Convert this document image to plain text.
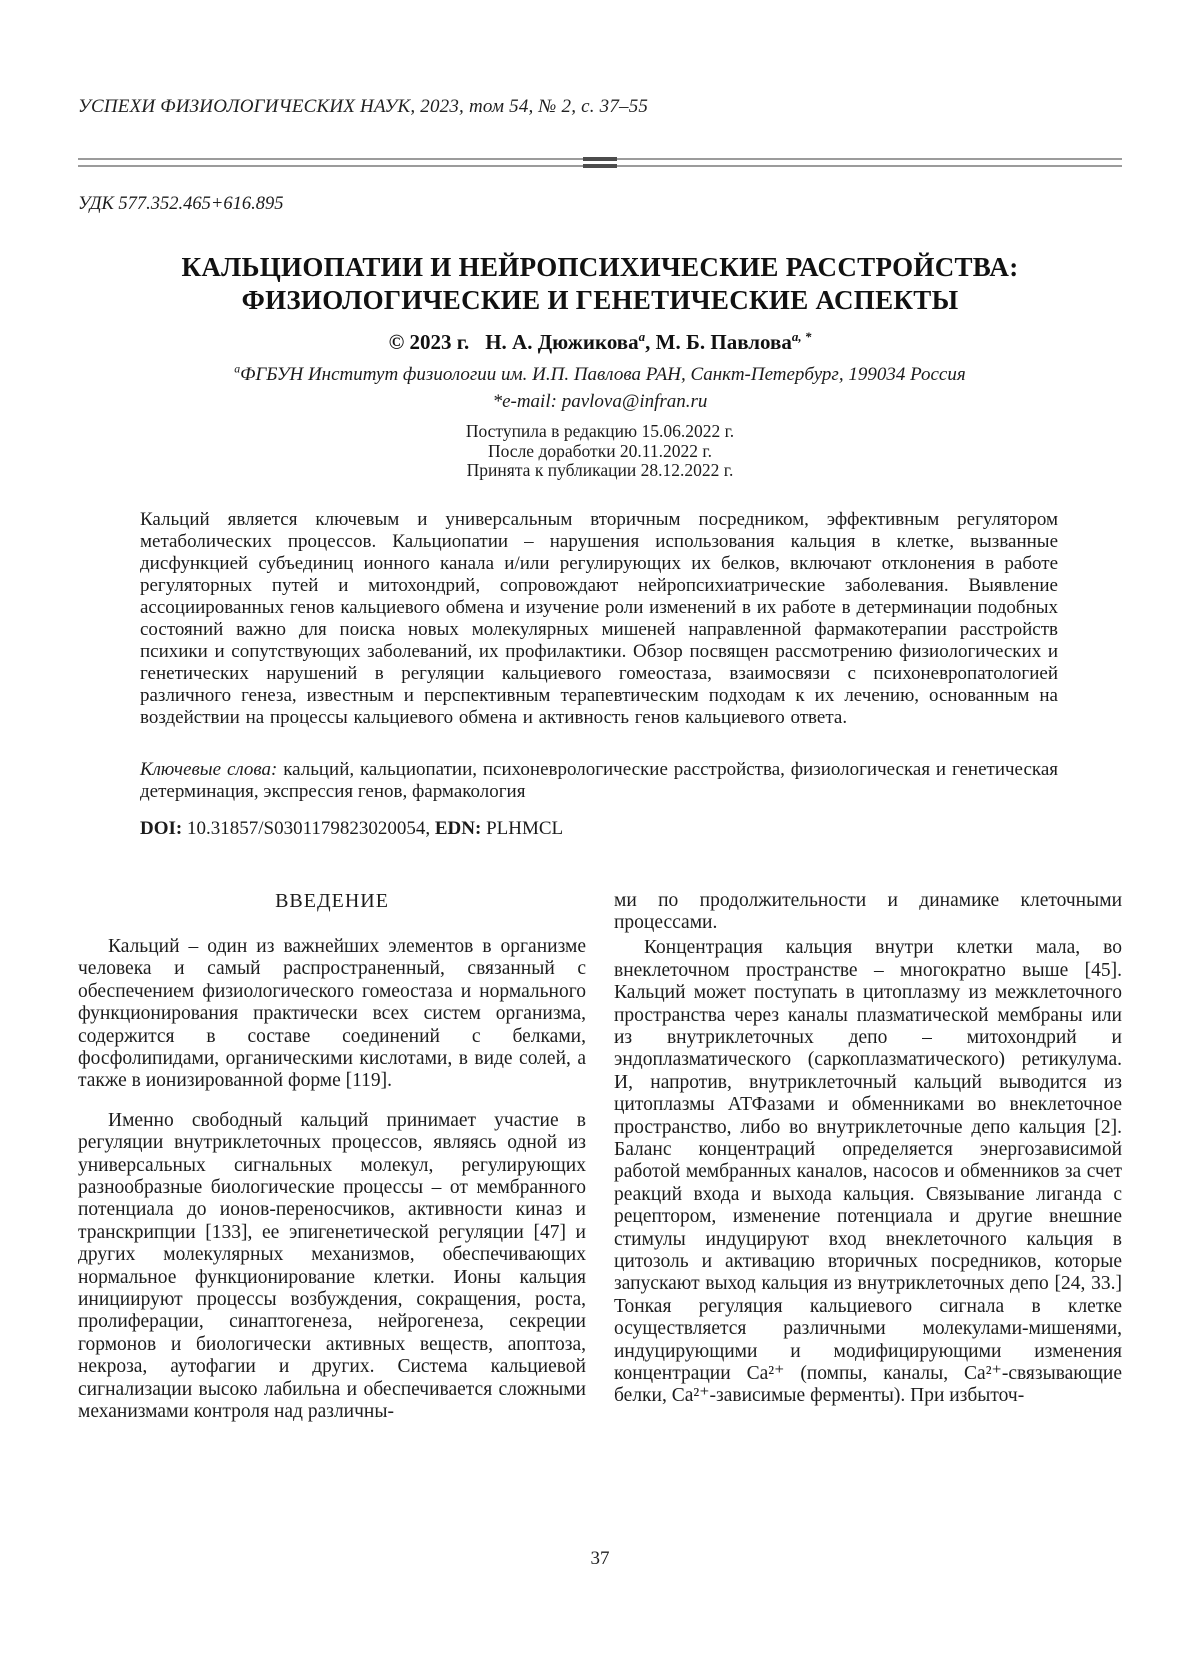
УСПЕХИ ФИЗИОЛОГИЧЕСКИХ НАУК, 2023, том 54, № 2, с. 37–55
УДК 577.352.465+616.895
КАЛЬЦИОПАТИИ И НЕЙРОПСИХИЧЕСКИЕ РАССТРОЙСТВА:
ФИЗИОЛОГИЧЕСКИЕ И ГЕНЕТИЧЕСКИЕ АСПЕКТЫ
© 2023 г. Н. А. Дюжикова$^а$, М. Б. Павлова$^{а, *}$
$^а$ФГБУН Институт физиологии им. И.П. Павлова РАН, Санкт-Петербург, 199034 Россия
*e-mail: pavlova@infran.ru
Поступила в редакцию 15.06.2022 г.
После доработки 20.11.2022 г.
Принята к публикации 28.12.2022 г.

Кальций является ключевым и универсальным вторичным посредником, эффективным регулятором метаболических процессов. Кальциопатии – нарушения использования кальция в клетке, вызванные дисфункцией субъединиц ионного канала и/или регулирующих их белков, включают отклонения в работе регуляторных путей и митохондрий, сопровождают нейропсихиатрические заболевания. Выявление ассоциированных генов кальциевого обмена и изучение роли изменений в их работе в детерминации подобных состояний важно для поиска новых молекулярных мишеней направленной фармакотерапии расстройств психики и сопутствующих заболеваний, их профилактики. Обзор посвящен рассмотрению физиологических и генетических нарушений в регуляции кальциевого гомеостаза, взаимосвязи с психоневропатологией различного генеза, известным и перспективным терапевтическим подходам к их лечению, основанным на воздействии на процессы кальциевого обмена и активность генов кальциевого ответа.

Ключевые слова: кальций, кальциопатии, психоневрологические расстройства, физиологическая и генетическая детерминация, экспрессия генов, фармакология

DOI: 10.31857/S0301179823020054, EDN: PLHMCL

ВВЕДЕНИЕ

Кальций – один из важнейших элементов в организме человека и самый распространенный, связанный с обеспечением физиологического гомеостаза и нормального функционирования практически всех систем организма, содержится в составе соединений с белками, фосфолипидами, органическими кислотами, в виде солей, а также в ионизированной форме [119].

Именно свободный кальций принимает участие в регуляции внутриклеточных процессов, являясь одной из универсальных сигнальных молекул, регулирующих разнообразные биологические процессы – от мембранного потенциала до ионов-переносчиков, активности киназ и транскрипции [133], ее эпигенетической регуляции [47] и других молекулярных механизмов, обеспечивающих нормальное функционирование клетки. Ионы кальция инициируют процессы возбуждения, сокращения, роста, пролиферации, синаптогенеза, нейрогенеза, секреции гормонов и биологически активных веществ, апоптоза, некроза, аутофагии и других. Система кальциевой сигнализации высоко лабильна и обеспечивается сложными механизмами контроля над различны-

ми по продолжительности и динамике клеточными процессами.

Концентрация кальция внутри клетки мала, во внеклеточном пространстве – многократно выше [45]. Кальций может поступать в цитоплазму из межклеточного пространства через каналы плазматической мембраны или из внутриклеточных депо – митохондрий и эндоплазматического (саркоплазматического) ретикулума. И, напротив, внутриклеточный кальций выводится из цитоплазмы АТФазами и обменниками во внеклеточное пространство, либо во внутриклеточные депо кальция [2]. Баланс концентраций определяется энергозависимой работой мембранных каналов, насосов и обменников за счет реакций входа и выхода кальция. Связывание лиганда с рецептором, изменение потенциала и другие внешние стимулы индуцируют вход внеклеточного кальция в цитозоль и активацию вторичных посредников, которые запускают выход кальция из внутриклеточных депо [24, 33.] Тонкая регуляция кальциевого сигнала в клетке осуществляется различными молекулами-мишенями, индуцирующими и модифицирующими изменения концентрации Ca²⁺ (помпы, каналы, Ca²⁺-связывающие белки, Ca²⁺-зависимые ферменты). При избыточ-

37
